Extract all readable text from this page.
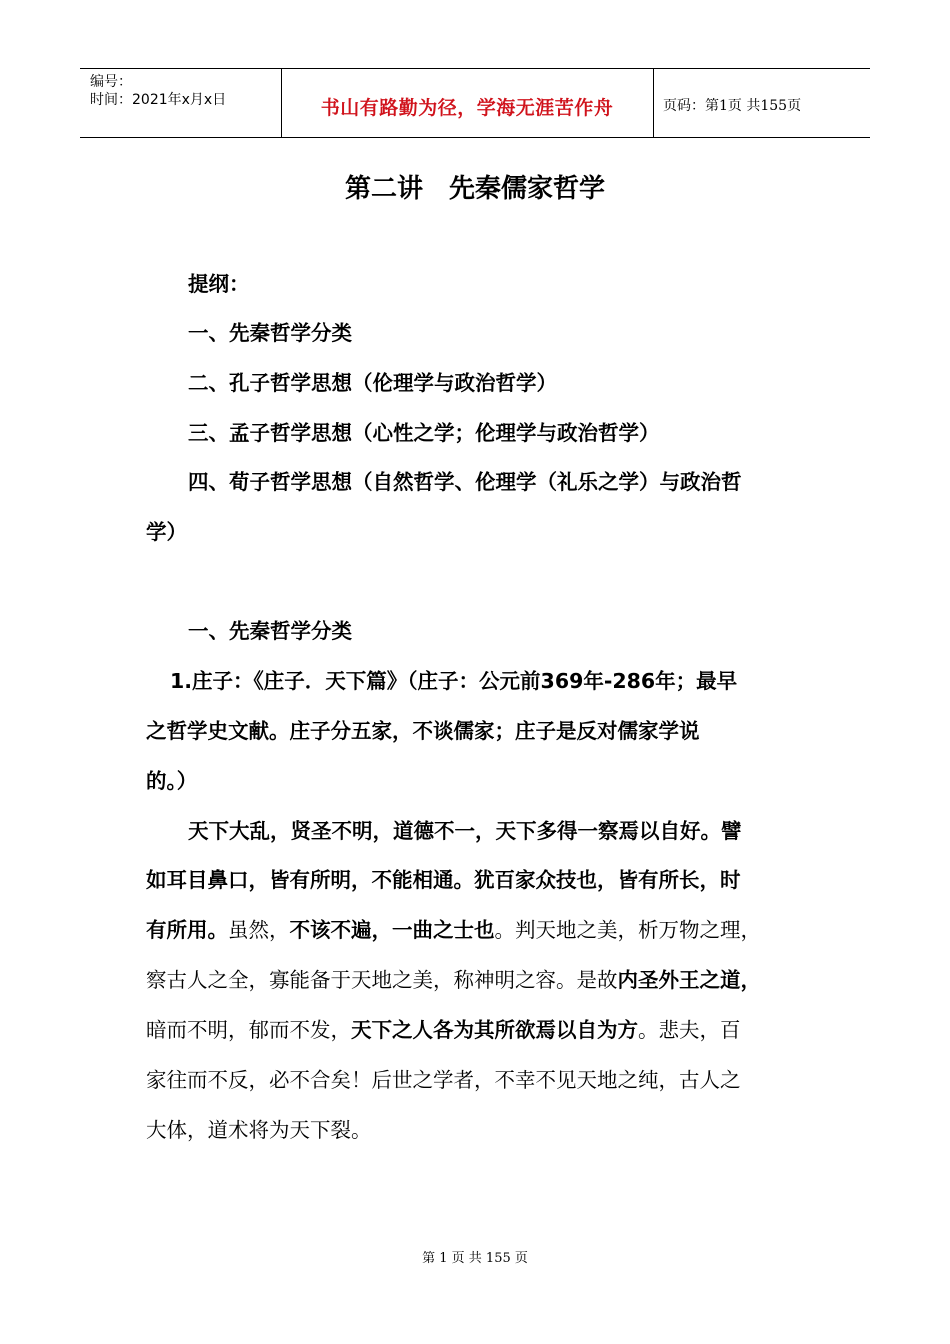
编号：
时间：2021年x月x日	书山有路勤为径，学海无涯苦作舟	页码：第1页 共155页
第二讲　先秦儒家哲学
提纲：
一、先秦哲学分类
二、孔子哲学思想（伦理学与政治哲学）
三、孟子哲学思想（心性之学；伦理学与政治哲学）
四、荀子哲学思想（自然哲学、伦理学（礼乐之学）与政治哲
学）
一、先秦哲学分类
1.庄子：《庄子．天下篇》（庄子：公元前369年-286年；最早
之哲学史文献。庄子分五家，不谈儒家；庄子是反对儒家学说
的。）
天下大乱，贤圣不明，道德不一，天下多得一察焉以自好。譬
如耳目鼻口，皆有所明，不能相通。犹百家众技也，皆有所长，时
有所用。虽然，不该不遍，一曲之士也。判天地之美，析万物之理，
察古人之全，寡能备于天地之美，称神明之容。是故内圣外王之道，
暗而不明，郁而不发，天下之人各为其所欲焉以自为方。悲夫，百
家往而不反，必不合矣！后世之学者，不幸不见天地之纯，古人之
大体，道术将为天下裂。
第 1 页 共 155 页
